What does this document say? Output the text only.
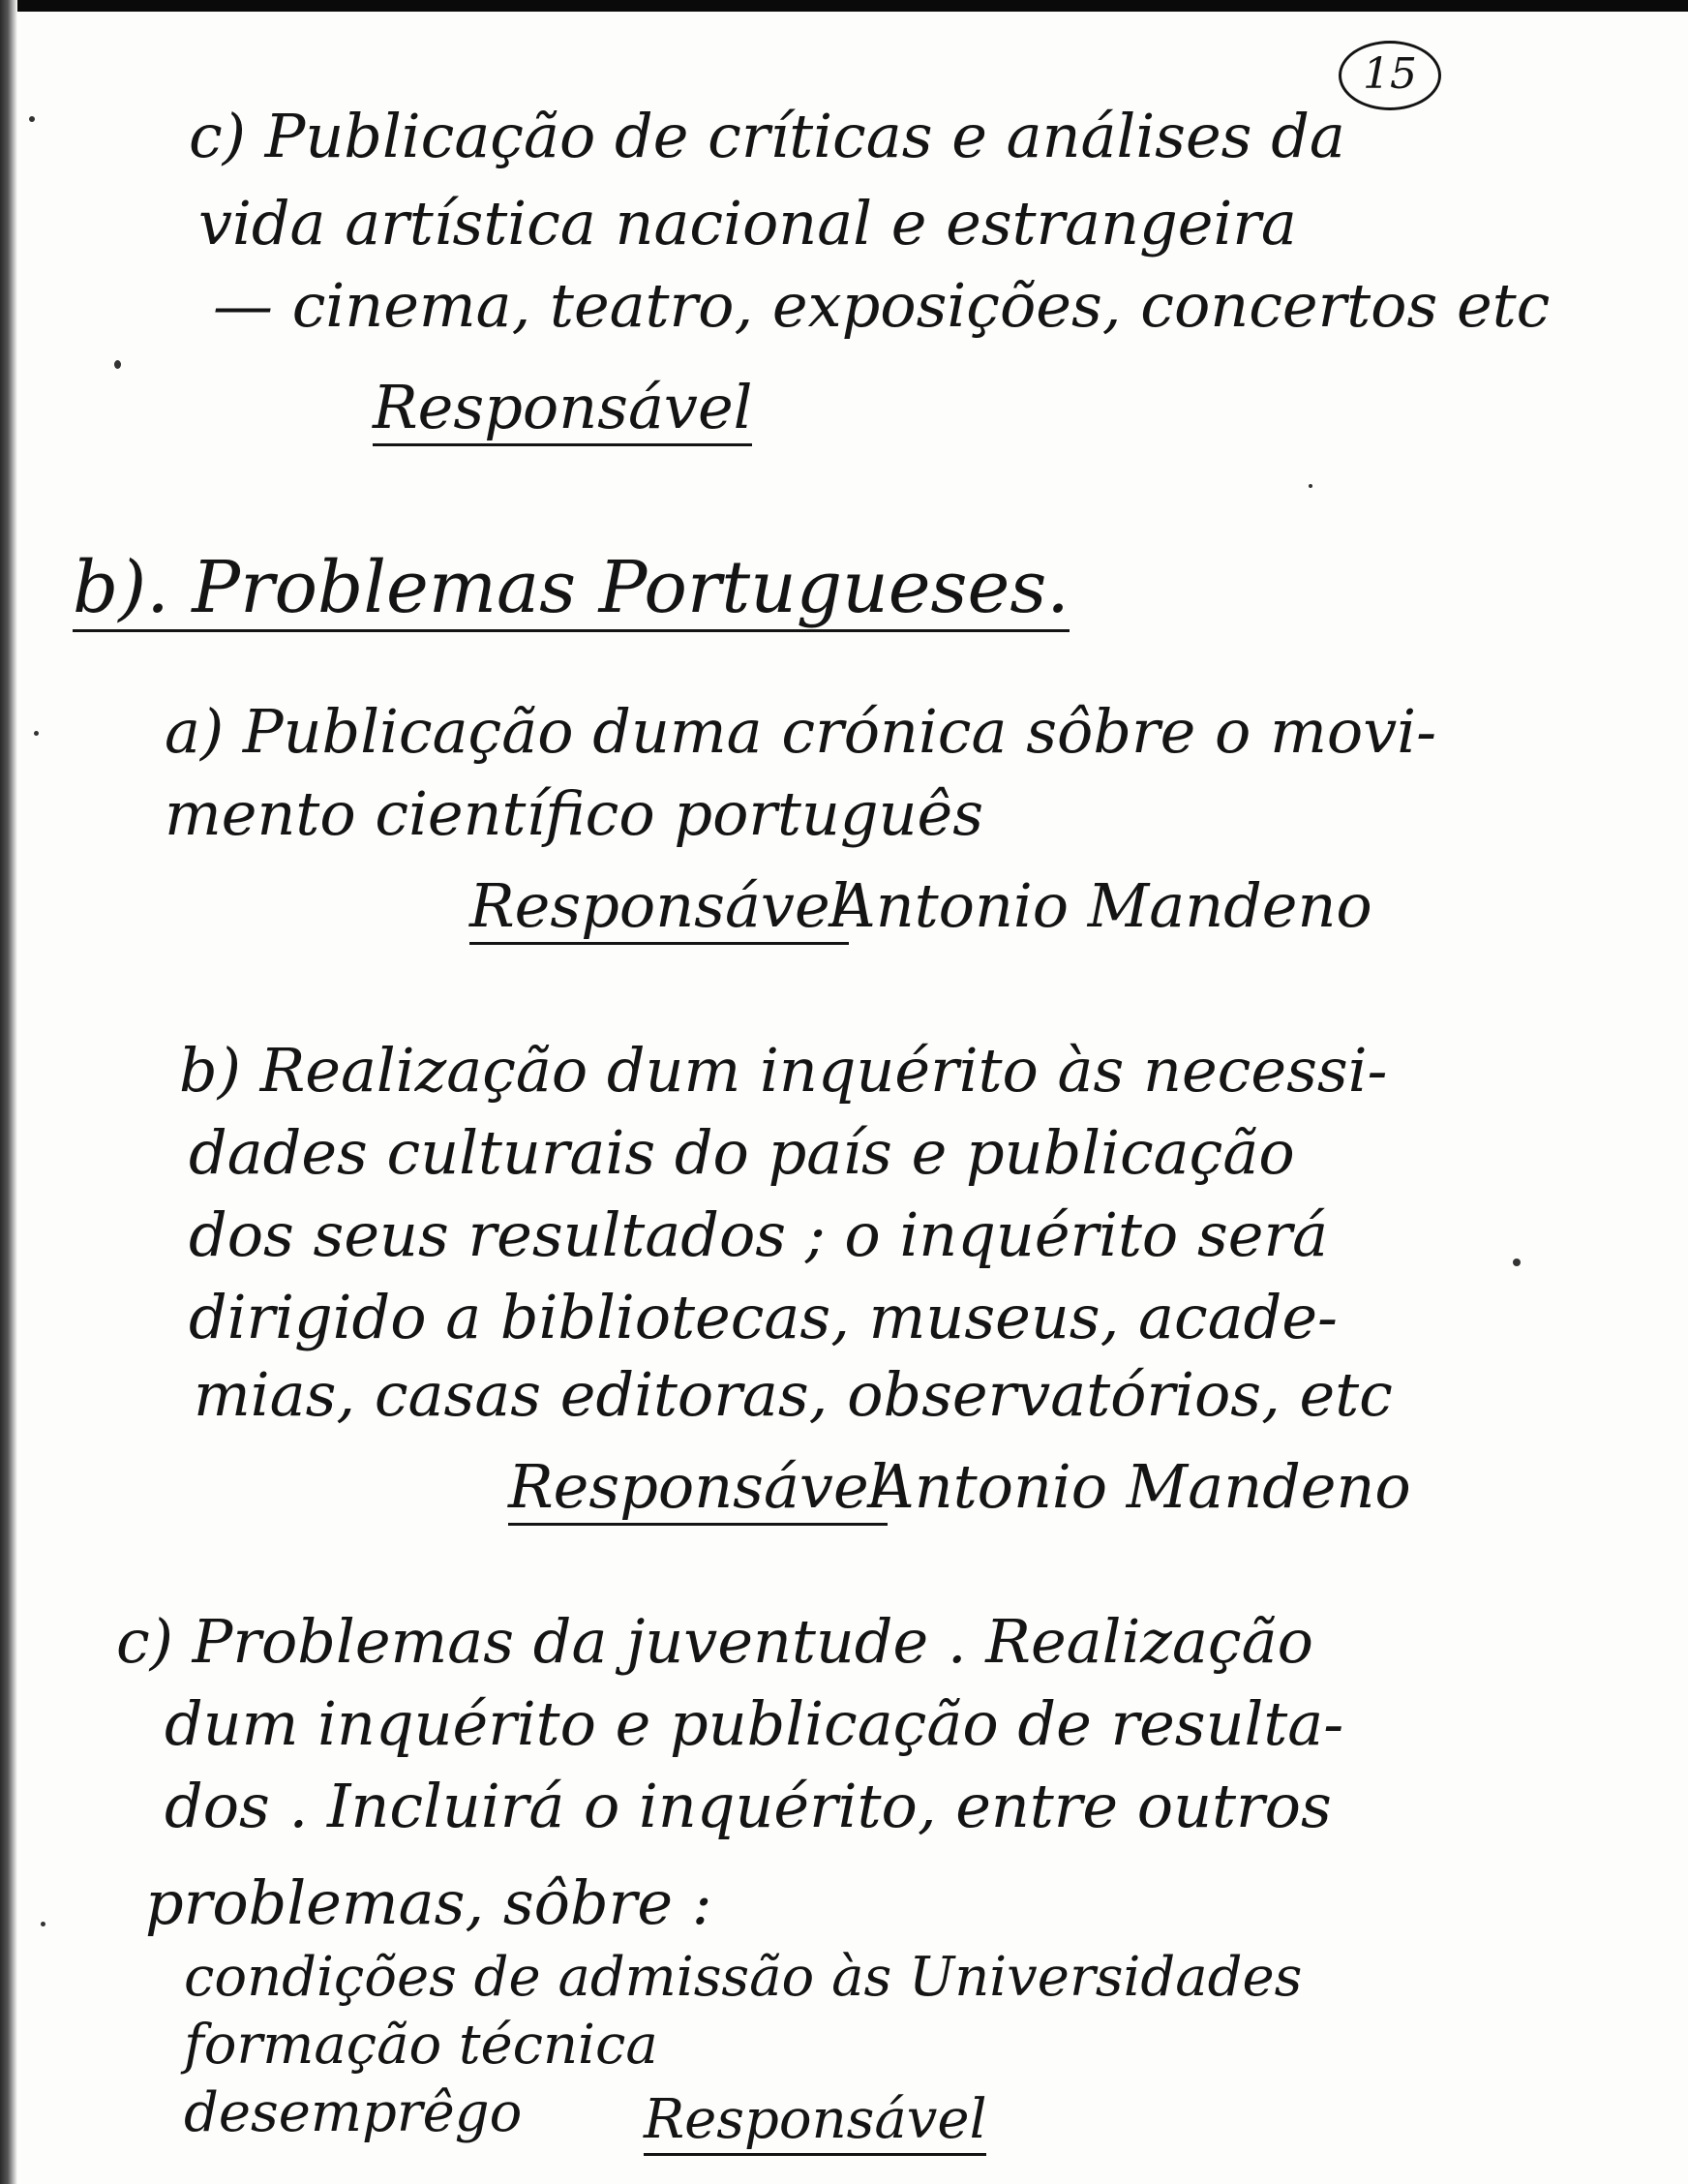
15
c) Publicação de críticas e análises da
vida artística nacional e estrangeira
— cinema, teatro, exposições, concertos etc
Responsável
b). Problemas Portugueses.
a) Publicação duma crónica sôbre o movi-
mento científico português
Responsável
Antonio Mandeno
b) Realização dum inquérito às necessi-
dades culturais do país e publicação
dos seus resultados ; o inquérito será
dirigido a bibliotecas, museus, acade-
mias, casas editoras, observatórios, etc
Responsável
Antonio Mandeno
c) Problemas da juventude . Realização
dum inquérito e publicação de resulta-
dos . Incluirá o inquérito, entre outros
problemas, sôbre :
condições de admissão às Universidades
formação técnica
desemprêgo Responsável
